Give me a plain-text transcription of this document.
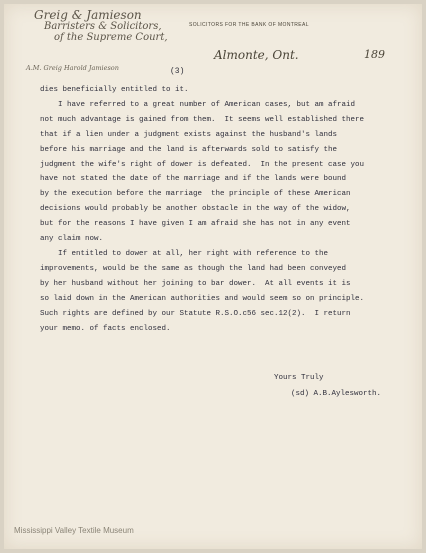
Greig & Jamieson
Barristers & Solicitors,
of the Supreme Court,
A.M. Greig Harold Jamieson
SOLICITORS FOR THE BANK OF MONTREAL
Almonte, Ont.	189
(3)
dies beneficially entitled to it.
I have referred to a great number of American cases, but am afraid
not much advantage is gained from them.  It seems well established there
that if a lien under a judgment exists against the husband's lands
before his marriage and the land is afterwards sold to satisfy the
judgment the wife's right of dower is defeated.  In the present case you
have not stated the date of the marriage and if the lands were bound
by the execution before the marriage  the principle of these American
decisions would probably be another obstacle in the way of the widow,
but for the reasons I have given I am afraid she has not in any event
any claim now.
If entitled to dower at all, her right with reference to the
improvements, would be the same as though the land had been conveyed
by her husband without her joining to bar dower.  At all events it is
so laid down in the American authorities and would seem so on principle.
Such rights are defined by our Statute R.S.O.c56 sec.12(2).  I return
your memo. of facts enclosed.
Yours Truly
(sd) A.B.Aylesworth.
Mississippi Valley Textile Museum
